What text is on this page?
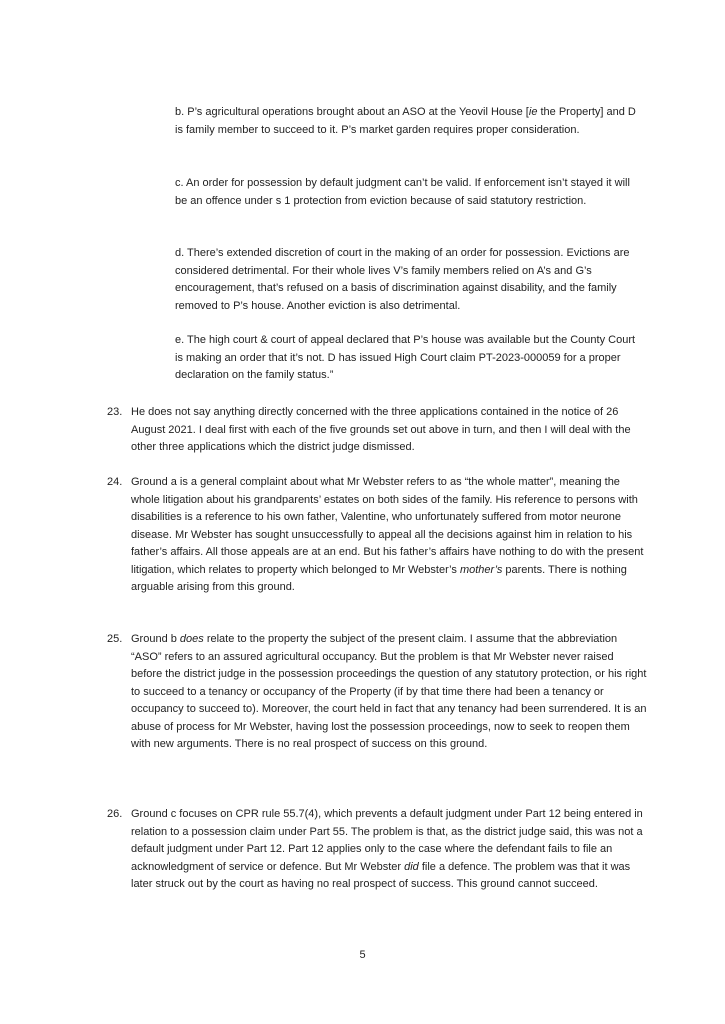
b. P’s agricultural operations brought about an ASO at the Yeovil House [ie the Property] and D is family member to succeed to it. P’s market garden requires proper consideration.

c. An order for possession by default judgment can’t be valid. If enforcement isn’t stayed it will be an offence under s 1 protection from eviction because of said statutory restriction.

d. There’s extended discretion of court in the making of an order for possession. Evictions are considered detrimental. For their whole lives V’s family members relied on A’s and G’s encouragement, that’s refused on a basis of discrimination against disability, and the family removed to P’s house. Another eviction is also detrimental.

e. The high court & court of appeal declared that P’s house was available but the County Court is making an order that it’s not. D has issued High Court claim PT-2023-000059 for a proper declaration on the family status.”

23. He does not say anything directly concerned with the three applications contained in the notice of 26 August 2021. I deal first with each of the five grounds set out above in turn, and then I will deal with the other three applications which the district judge dismissed.

24. Ground a is a general complaint about what Mr Webster refers to as “the whole matter”, meaning the whole litigation about his grandparents’ estates on both sides of the family. His reference to persons with disabilities is a reference to his own father, Valentine, who unfortunately suffered from motor neurone disease. Mr Webster has sought unsuccessfully to appeal all the decisions against him in relation to his father’s affairs. All those appeals are at an end. But his father’s affairs have nothing to do with the present litigation, which relates to property which belonged to Mr Webster’s mother’s parents. There is nothing arguable arising from this ground.

25. Ground b does relate to the property the subject of the present claim. I assume that the abbreviation “ASO” refers to an assured agricultural occupancy. But the problem is that Mr Webster never raised before the district judge in the possession proceedings the question of any statutory protection, or his right to succeed to a tenancy or occupancy of the Property (if by that time there had been a tenancy or occupancy to succeed to). Moreover, the court held in fact that any tenancy had been surrendered. It is an abuse of process for Mr Webster, having lost the possession proceedings, now to seek to reopen them with new arguments. There is no real prospect of success on this ground.

26. Ground c focuses on CPR rule 55.7(4), which prevents a default judgment under Part 12 being entered in relation to a possession claim under Part 55. The problem is that, as the district judge said, this was not a default judgment under Part 12. Part 12 applies only to the case where the defendant fails to file an acknowledgment of service or defence. But Mr Webster did file a defence. The problem was that it was later struck out by the court as having no real prospect of success. This ground cannot succeed.

5
